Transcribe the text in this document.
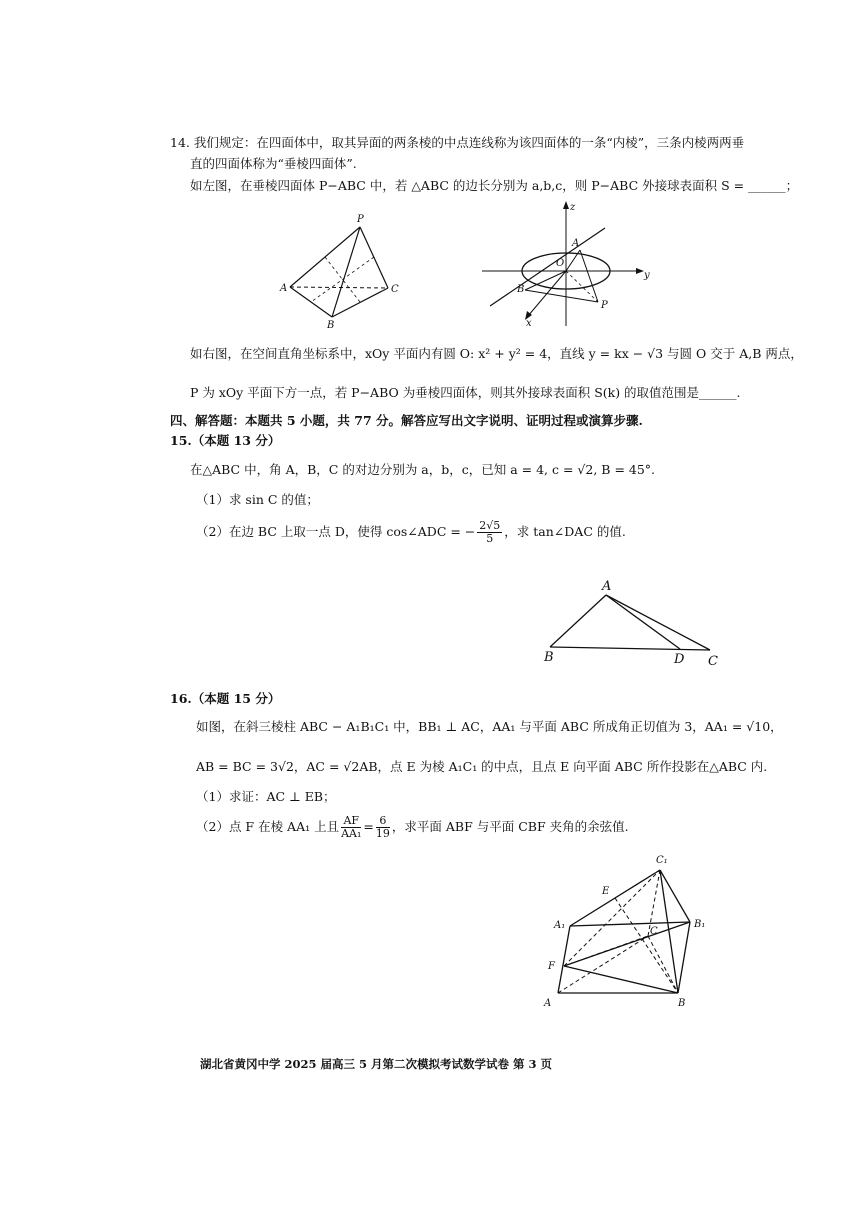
14. 我们规定：在四面体中，取其异面的两条棱的中点连线称为该四面体的一条“内棱”，三条内棱两两垂
直的四面体称为“垂棱四面体”.
如左图，在垂棱四面体 P−ABC 中，若 △ABC 的边长分别为 a,b,c，则 P−ABC 外接球表面积 S = ______；
P
A	C
B
z
A
O
y
B
P
x
如右图，在空间直角坐标系中，xOy 平面内有圆 O: x² + y² = 4，直线 y = kx − √3 与圆 O 交于 A,B 两点，
P 为 xOy 平面下方一点，若 P−ABO 为垂棱四面体，则其外接球表面积 S(k) 的取值范围是______.
四、解答题：本题共 5 小题，共 77 分。解答应写出文字说明、证明过程或演算步骤.
15.（本题 13 分）
在△ABC 中，角 A，B，C 的对边分别为 a，b，c，已知 a = 4, c = √2, B = 45°.
（1）求 sin C 的值；
（2）在边 BC 上取一点 D，使得 cos∠ADC = − $\frac{2√5}{5}$ ，求 tan∠DAC 的值.
A
B	D C
16.（本题 15 分）
如图，在斜三棱柱 ABC − A₁B₁C₁ 中，BB₁ ⊥ AC，AA₁ 与平面 ABC 所成角正切值为 3，AA₁ = √10，
AB = BC = 3√2，AC = √2AB，点 E 为棱 A₁C₁ 的中点，且点 E 向平面 ABC 所作投影在△ABC 内.
（1）求证：AC ⊥ EB；
（2）点 F 在棱 AA₁ 上且 $\frac{AF}{\text{AA₁}} = \frac{6}{19}$ ，求平面 ABF 与平面 CBF 夹角的余弦值.
C₁
E
A₁	B₁
C
F
A	B
湖北省黄冈中学 2025 届高三 5 月第二次模拟考试数学试卷 第 3 页
